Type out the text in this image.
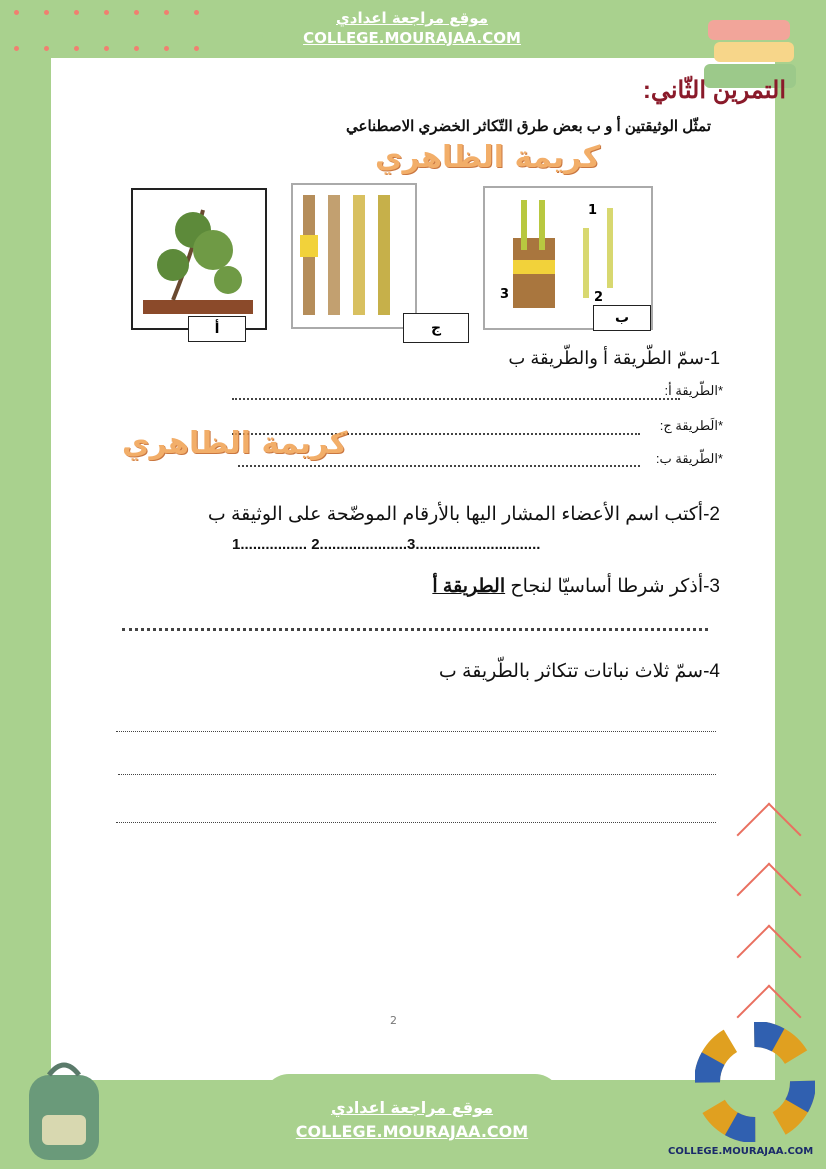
موقع مراجعة اعدادي
COLLEGE.MOURAJAA.COM
التمرين الثّاني:
تمثّل الوثيقتين أ و ب بعض طرق التّكاثر الخضري الاصطناعي
كريمة الظاهري
أ	ج
1
2
3
ب
1-سمّ الطّريقة أ والطّريقة ب
*الطّريقة أ:
*الَطريقة ج:
كريمة الظاهري	*الطّريقة ب:
2-أكتب اسم الأعضاء المشار اليها بالأرقام الموضّحة على الوثيقة ب
1................ 2.....................3..............................
3-أذكر شرطا أساسيّا لنجاح الطريقة أ
4-سمّ ثلاث نباتات تتكاثر بالطّريقة ب
2
موقع مراجعة اعدادي
COLLEGE.MOURAJAA.COM
COLLEGE.MOURAJAA.COM
